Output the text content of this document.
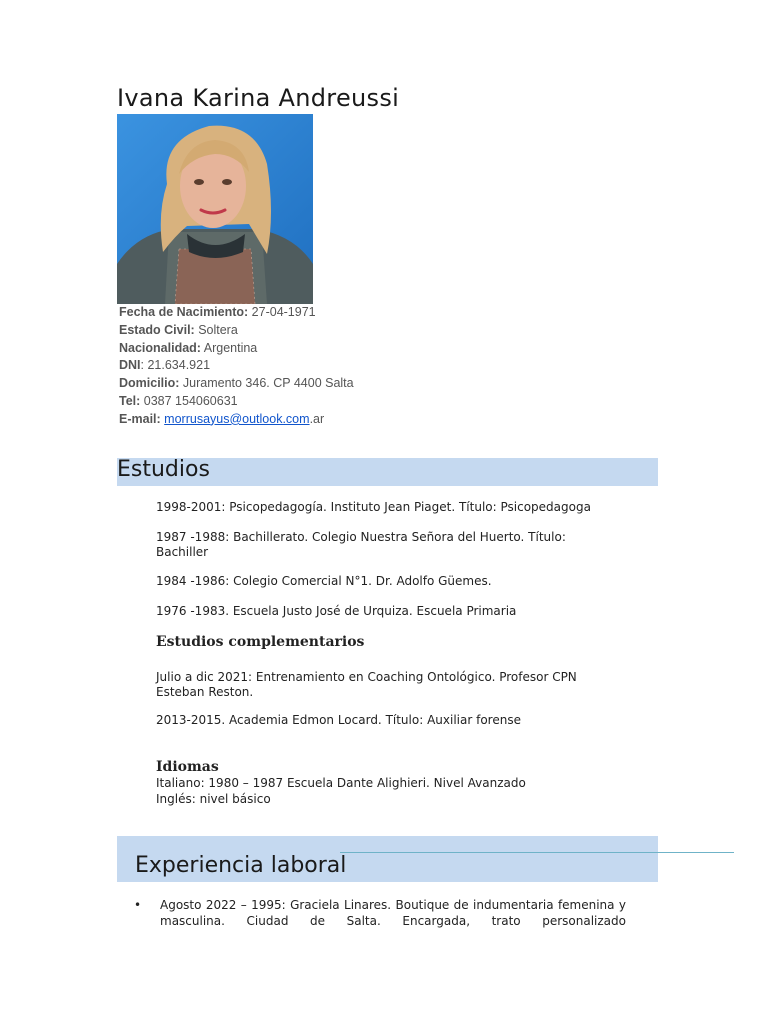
Ivana Karina Andreussi
Fecha de Nacimiento: 27-04-1971
Estado Civil: Soltera
Nacionalidad: Argentina
DNI: 21.634.921
Domicilio: Juramento 346. CP 4400 Salta
Tel: 0387 154060631
E-mail: morrusayus@outlook.com.ar
Estudios

1998-2001: Psicopedagogía. Instituto Jean Piaget. Título: Psicopedagoga

1987 -1988: Bachillerato. Colegio Nuestra Señora del Huerto. Título: Bachiller

1984 -1986: Colegio Comercial N°1. Dr. Adolfo Güemes.

1976 -1983. Escuela Justo José de Urquiza. Escuela Primaria

Estudios complementarios

Julio a dic 2021: Entrenamiento en Coaching Ontológico. Profesor CPN Esteban Reston.

2013-2015. Academia Edmon Locard. Título: Auxiliar forense

Idiomas

Italiano: 1980 – 1987 Escuela Dante Alighieri. Nivel Avanzado

Inglés: nivel básico

Experiencia laboral
• Agosto 2022 – 1995: Graciela Linares. Boutique de indumentaria femenina y masculina. Ciudad de Salta. Encargada, trato personalizado
